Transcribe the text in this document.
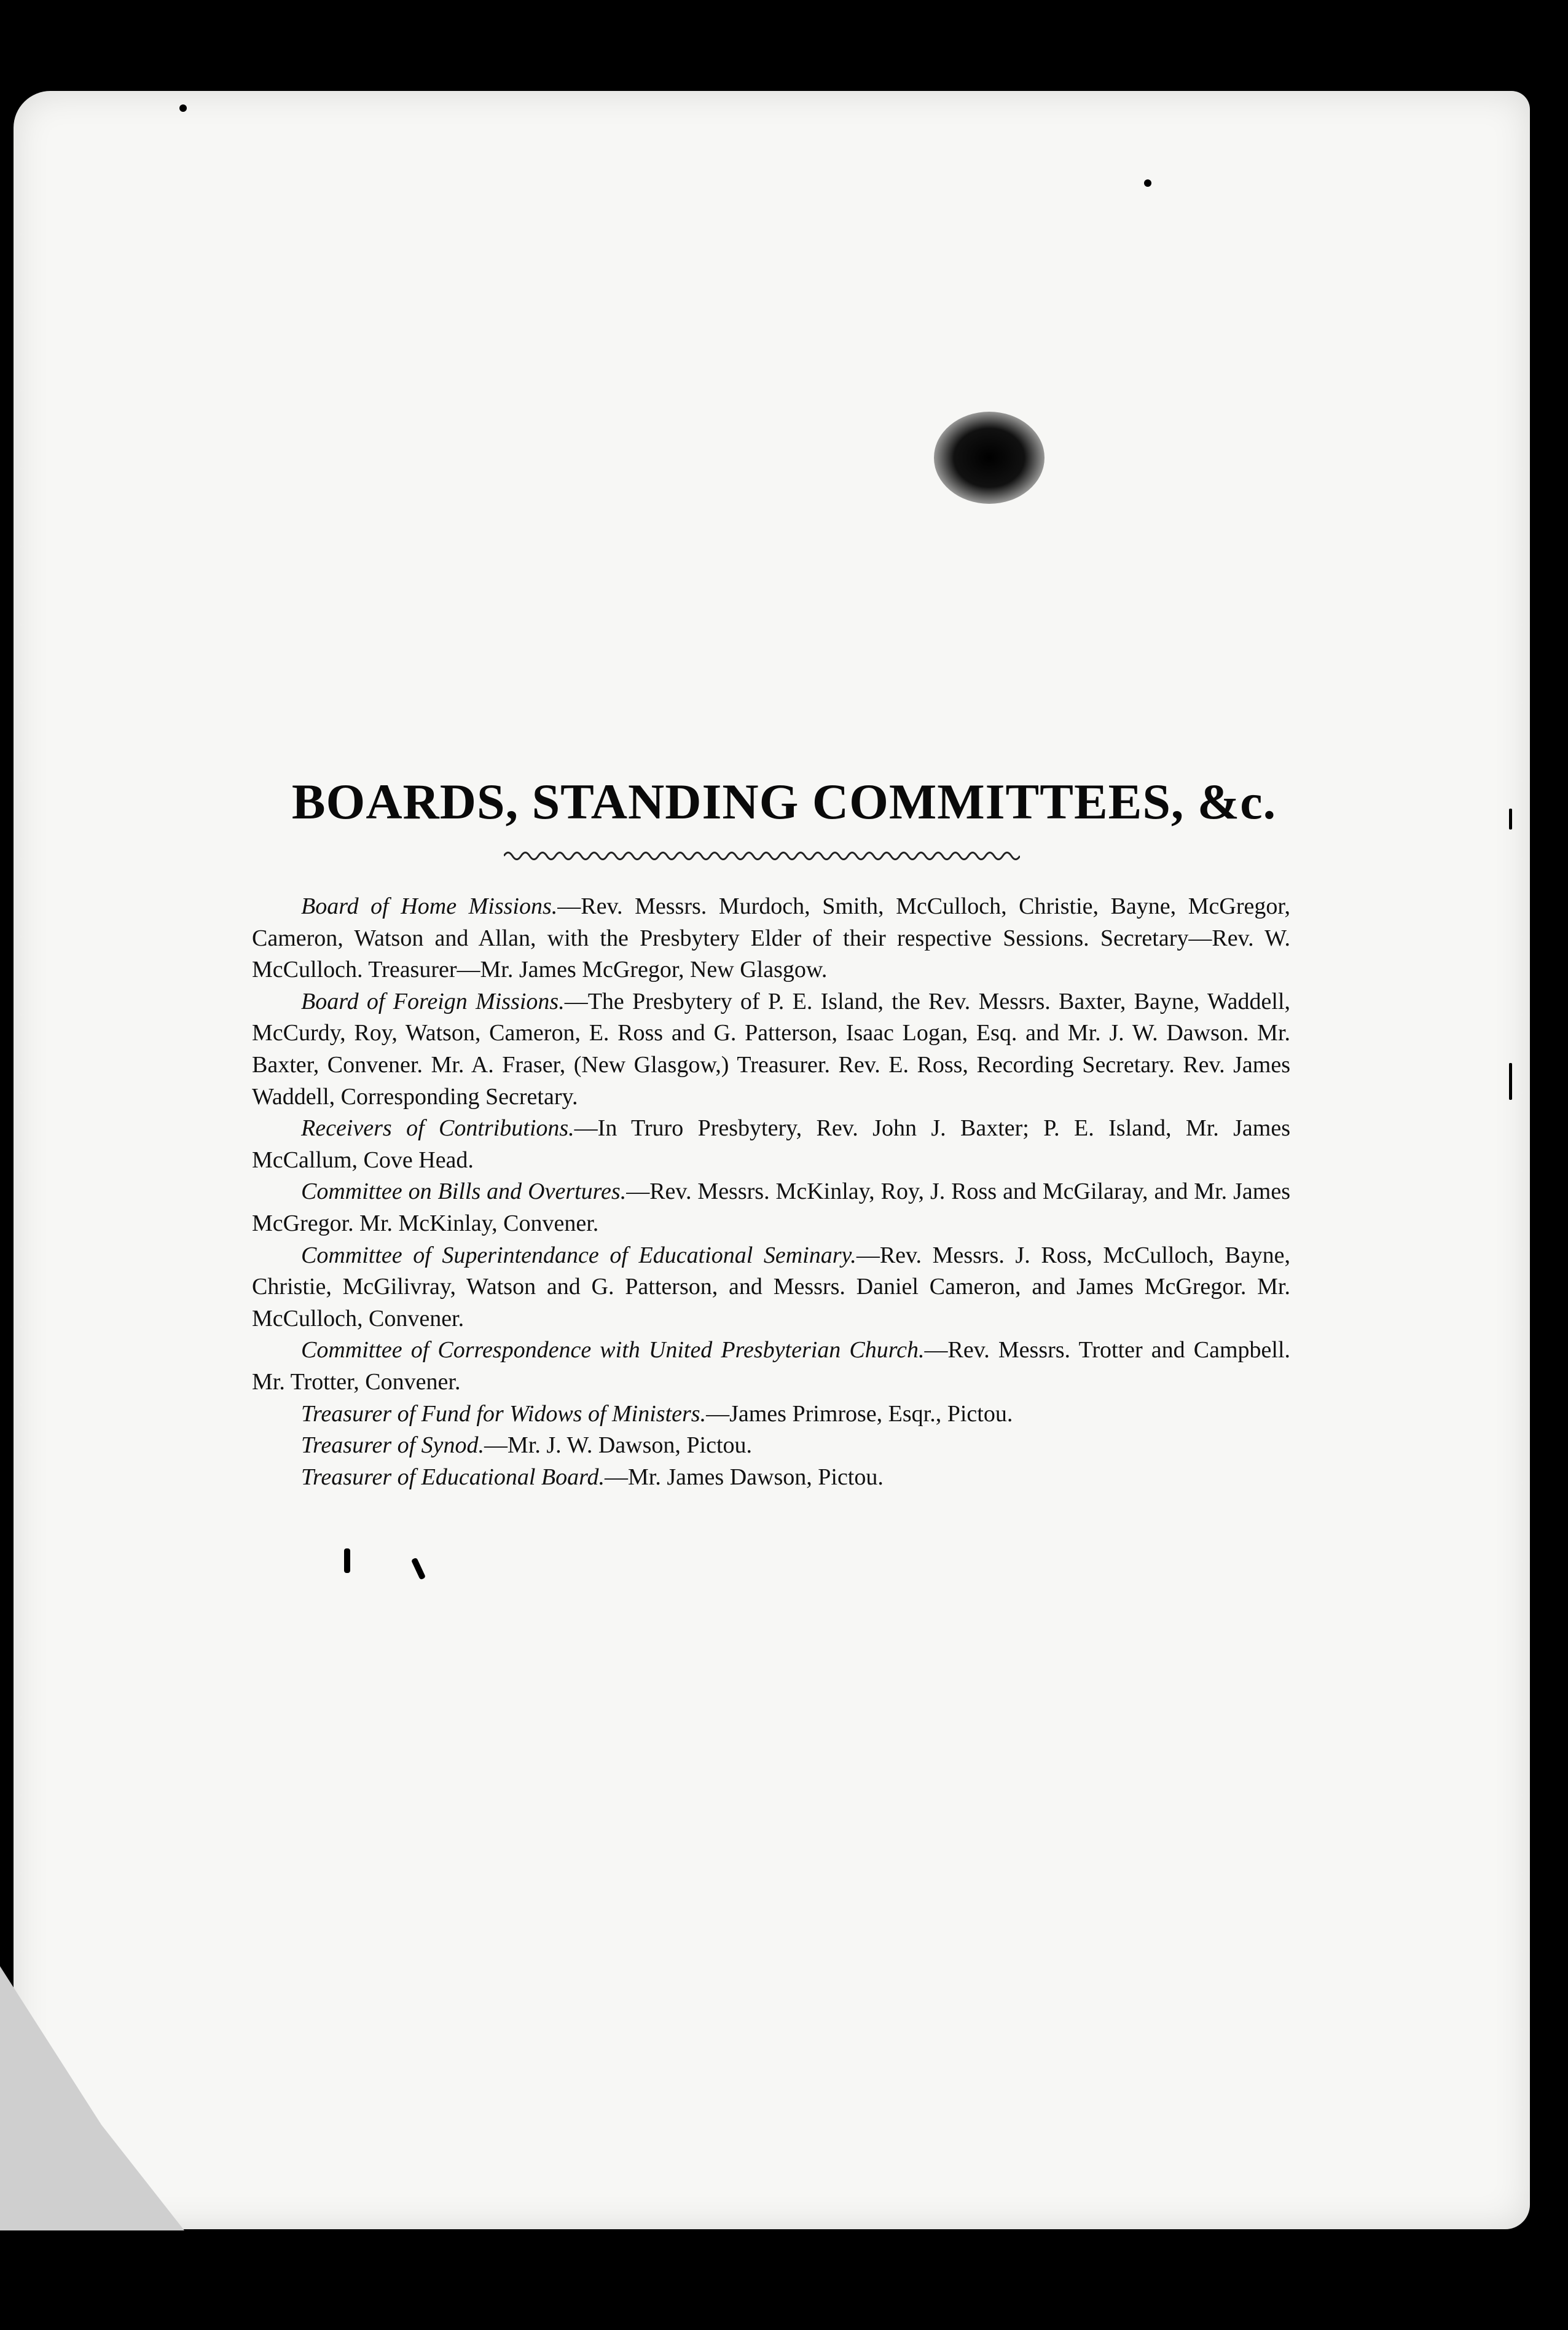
BOARDS, STANDING COMMITTEES, &c.

Board of Home Missions.—Rev. Messrs. Murdoch, Smith, McCulloch, Christie, Bayne, McGregor, Cameron, Watson and Allan, with the Presbytery Elder of their respective Sessions. Secretary—Rev. W. McCulloch. Treasurer—Mr. James McGregor, New Glasgow.

Board of Foreign Missions.—The Presbytery of P. E. Island, the Rev. Messrs. Baxter, Bayne, Waddell, McCurdy, Roy, Watson, Cameron, E. Ross and G. Patterson, Isaac Logan, Esq. and Mr. J. W. Dawson. Mr. Baxter, Convener. Mr. A. Fraser, (New Glasgow,) Treasurer. Rev. E. Ross, Recording Secretary. Rev. James Waddell, Corresponding Secretary.

Receivers of Contributions.—In Truro Presbytery, Rev. John J. Baxter; P. E. Island, Mr. James McCallum, Cove Head.

Committee on Bills and Overtures.—Rev. Messrs. McKinlay, Roy, J. Ross and McGilaray, and Mr. James McGregor. Mr. McKinlay, Convener.

Committee of Superintendance of Educational Seminary.—Rev. Messrs. J. Ross, McCulloch, Bayne, Christie, McGilivray, Watson and G. Patterson, and Messrs. Daniel Cameron, and James McGregor. Mr. McCulloch, Convener.

Committee of Correspondence with United Presbyterian Church.—Rev. Messrs. Trotter and Campbell. Mr. Trotter, Convener.

Treasurer of Fund for Widows of Ministers.—James Primrose, Esqr., Pictou.

Treasurer of Synod.—Mr. J. W. Dawson, Pictou.

Treasurer of Educational Board.—Mr. James Dawson, Pictou.
